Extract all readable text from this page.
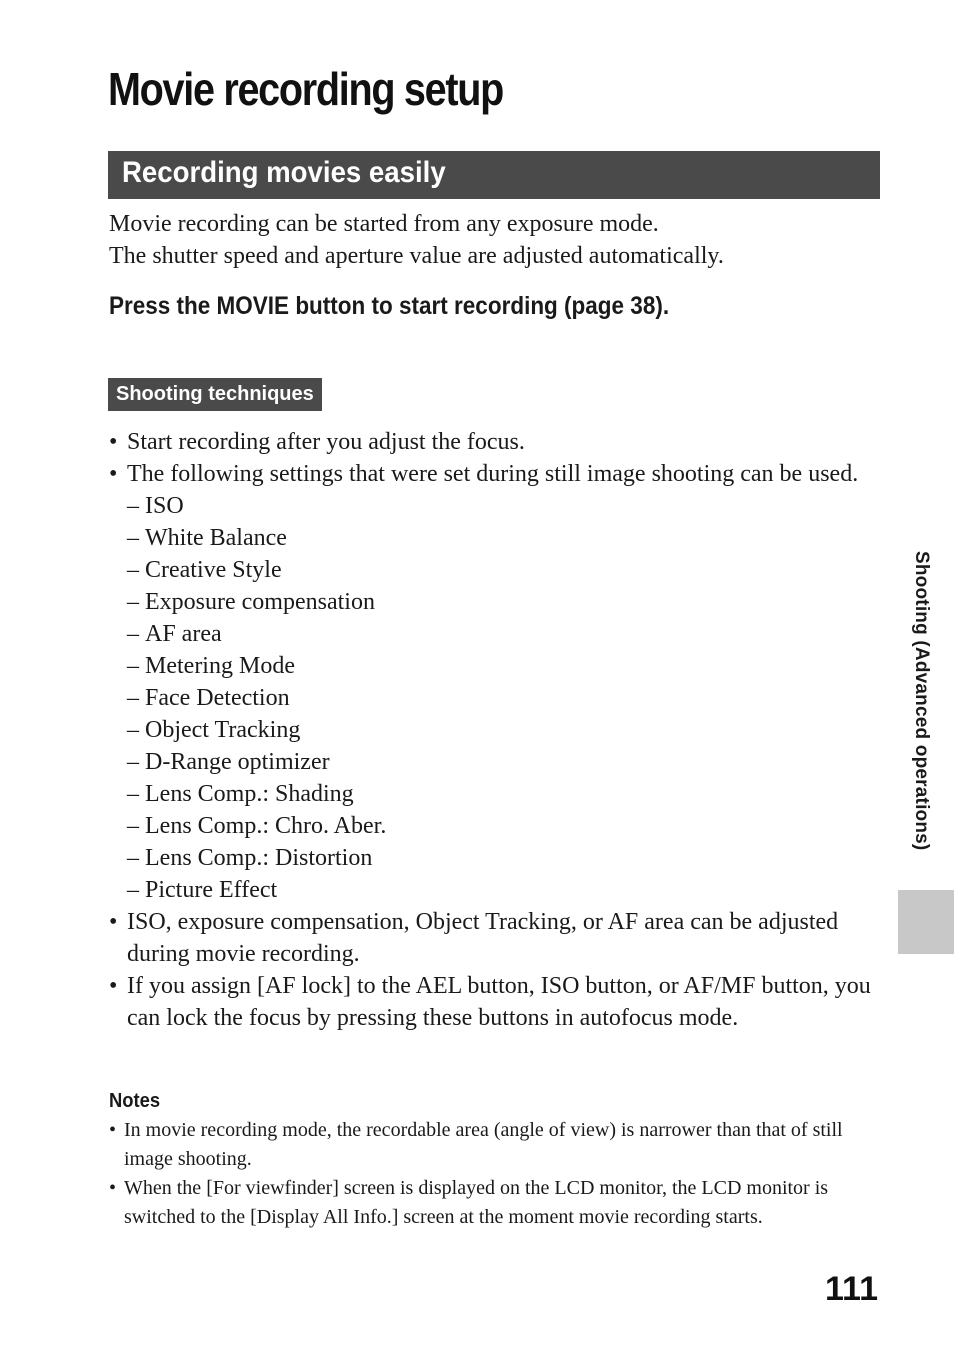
Movie recording setup
Recording movies easily
Movie recording can be started from any exposure mode.
The shutter speed and aperture value are adjusted automatically.
Press the MOVIE button to start recording (page 38).
Shooting techniques
• Start recording after you adjust the focus.
• The following settings that were set during still image shooting can be used.
– ISO
– White Balance
– Creative Style
– Exposure compensation
– AF area
– Metering Mode
– Face Detection
– Object Tracking
– D-Range optimizer
– Lens Comp.: Shading
– Lens Comp.: Chro. Aber.
– Lens Comp.: Distortion
– Picture Effect
• ISO, exposure compensation, Object Tracking, or AF area can be adjusted during movie recording.
• If you assign [AF lock] to the AEL button, ISO button, or AF/MF button, you can lock the focus by pressing these buttons in autofocus mode.
Notes
• In movie recording mode, the recordable area (angle of view) is narrower than that of still image shooting.
• When the [For viewfinder] screen is displayed on the LCD monitor, the LCD monitor is switched to the [Display All Info.] screen at the moment movie recording starts.
Shooting (Advanced operations)
111
